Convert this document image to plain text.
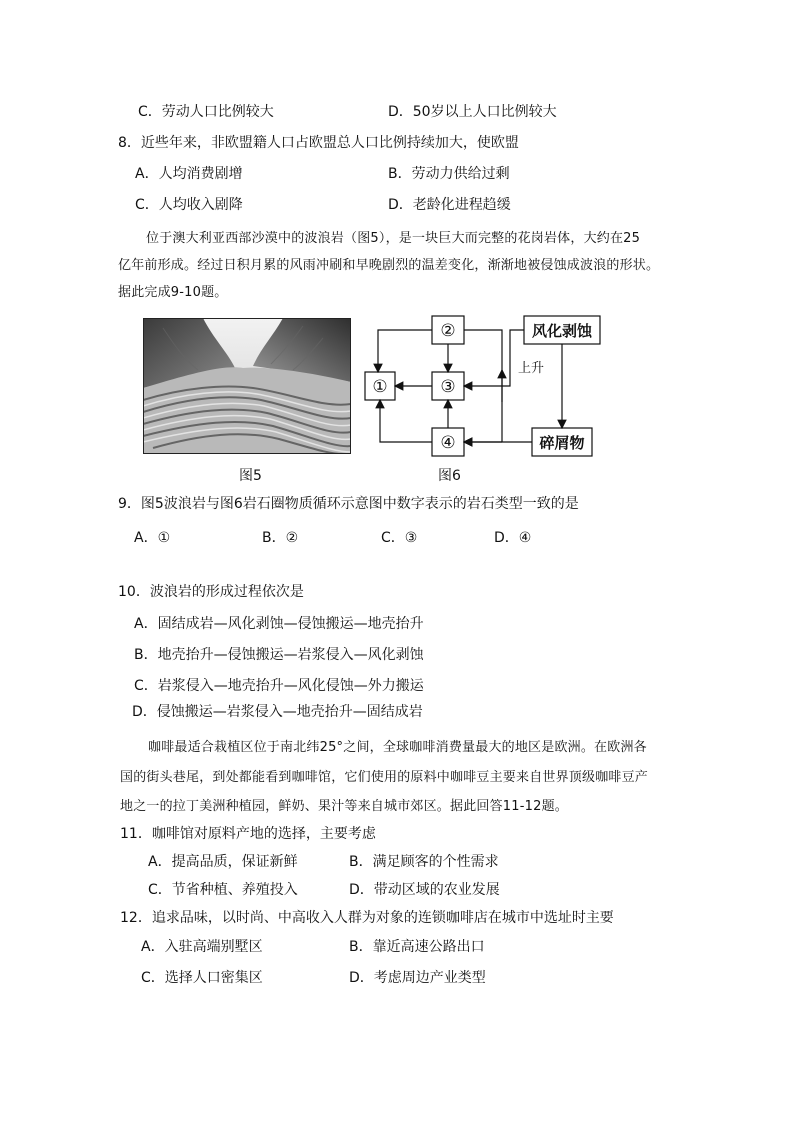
C．劳动人口比例较大	D．50岁以上人口比例较大
8．近些年来，非欧盟籍人口占欧盟总人口比例持续加大，使欧盟
A．人均消费剧增	B．劳动力供给过剩
C．人均收入剧降	D．老龄化进程趋缓
位于澳大利亚西部沙漠中的波浪岩（图5），是一块巨大而完整的花岗岩体，大约在25
亿年前形成。经过日积月累的风雨冲刷和早晚剧烈的温差变化，渐渐地被侵蚀成波浪的形状。
据此完成9-10题。
图5
①
②
③
④
风化剥蚀
碎屑物
上升
图6
9．图5波浪岩与图6岩石圈物质循环示意图中数字表示的岩石类型一致的是
A．①	B．②	C．③	D．④
10．波浪岩的形成过程依次是
A．固结成岩—风化剥蚀—侵蚀搬运—地壳抬升
B．地壳抬升—侵蚀搬运—岩浆侵入—风化剥蚀
C．岩浆侵入—地壳抬升—风化侵蚀—外力搬运
D．侵蚀搬运—岩浆侵入—地壳抬升—固结成岩
咖啡最适合栽植区位于南北纬25°之间，全球咖啡消费量最大的地区是欧洲。在欧洲各
国的街头巷尾，到处都能看到咖啡馆，它们使用的原料中咖啡豆主要来自世界顶级咖啡豆产
地之一的拉丁美洲种植园，鲜奶、果汁等来自城市郊区。据此回答11-12题。
11．咖啡馆对原料产地的选择，主要考虑
A．提高品质，保证新鲜	B．满足顾客的个性需求
C．节省种植、养殖投入	D．带动区域的农业发展
12．追求品味，以时尚、中高收入人群为对象的连锁咖啡店在城市中选址时主要
A．入驻高端别墅区	B．靠近高速公路出口
C．选择人口密集区	D．考虑周边产业类型
